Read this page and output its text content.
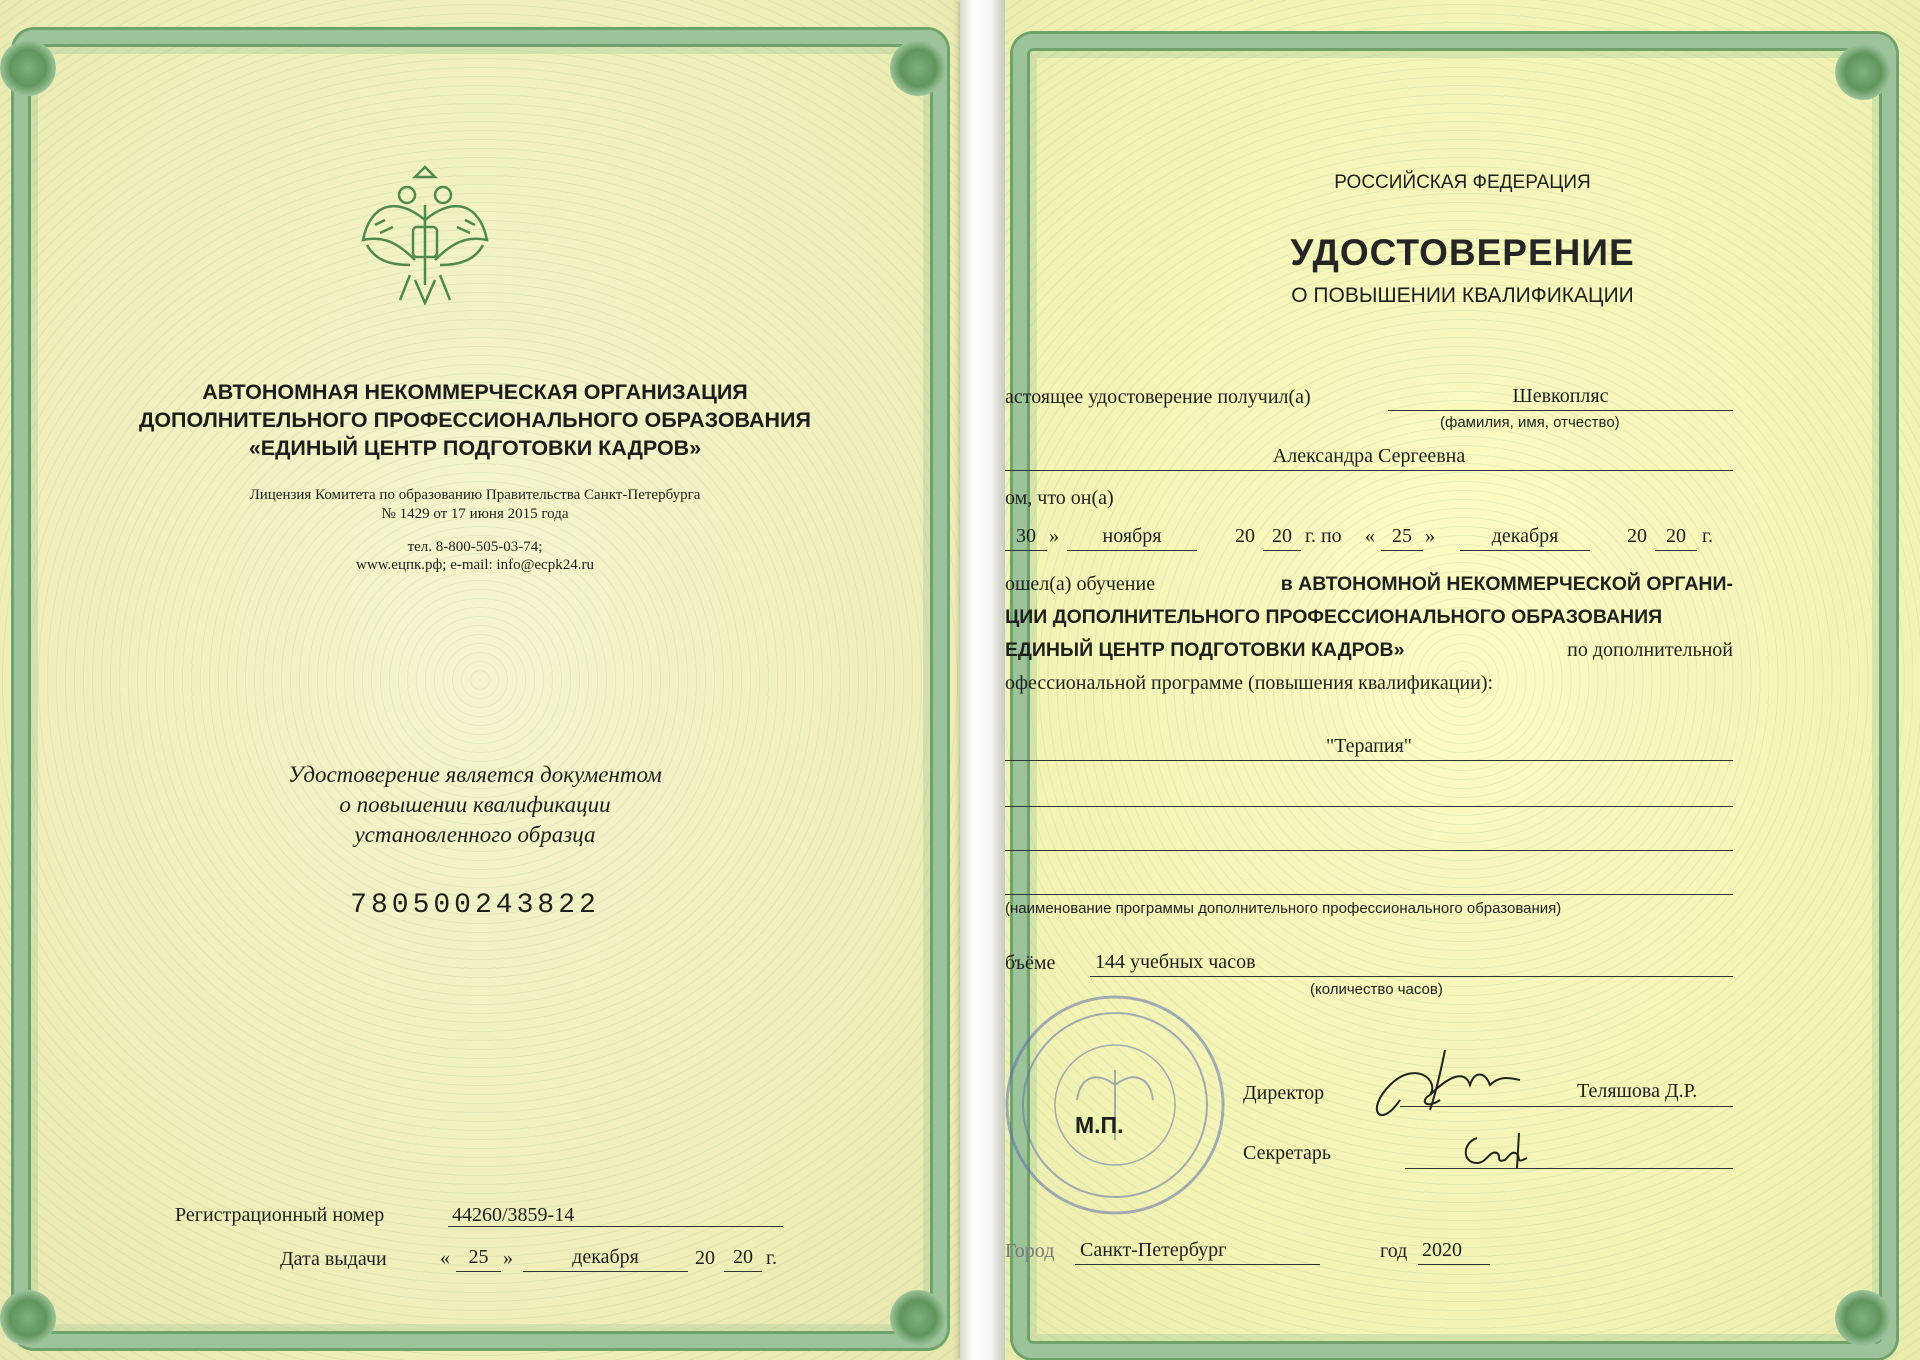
АВТОНОМНАЯ НЕКОММЕРЧЕСКАЯ ОРГАНИЗАЦИЯ
ДОПОЛНИТЕЛЬНОГО ПРОФЕССИОНАЛЬНОГО ОБРАЗОВАНИЯ
«ЕДИНЫЙ ЦЕНТР ПОДГОТОВКИ КАДРОВ»
Лицензия Комитета по образованию Правительства Санкт-Петербурга
№ 1429 от 17 июня 2015 года
тел. 8-800-505-03-74;
www.eцпк.рф; e-mail: info@ecpk24.ru
Удостоверение является документом
о повышении квалификации
установленного образца
780500243822
Регистрационный номер	44260/3859-14
Дата выдачи	« 25 »	декабря	20 20 г.
РОССИЙСКАЯ ФЕДЕРАЦИЯ
УДОСТОВЕРЕНИЕ
О ПОВЫШЕНИИ КВАЛИФИКАЦИИ
астоящее удостоверение получил(а)	Шевкопляс
(фамилия, имя, отчество)
Александра Сергеевна
ом, что он(а)
30 »	ноября	20 20 г. по « 25 »	декабря	20 20 г.
ошел(а) обучение	в АВТОНОМНОЙ НЕКОММЕРЧЕСКОЙ ОРГАНИ-
ЦИИ ДОПОЛНИТЕЛЬНОГО ПРОФЕССИОНАЛЬНОГО ОБРАЗОВАНИЯ
ЕДИНЫЙ ЦЕНТР ПОДГОТОВКИ КАДРОВ»	по дополнительной
офессиональной программе (повышения квалификации):
"Терапия"
(наименование программы дополнительного профессионального образования)
бъёме 144 учебных часов
(количество часов)
М.П.
Директор	Теляшова Д.Р.
Секретарь
Город Санкт-Петербург	год 2020
